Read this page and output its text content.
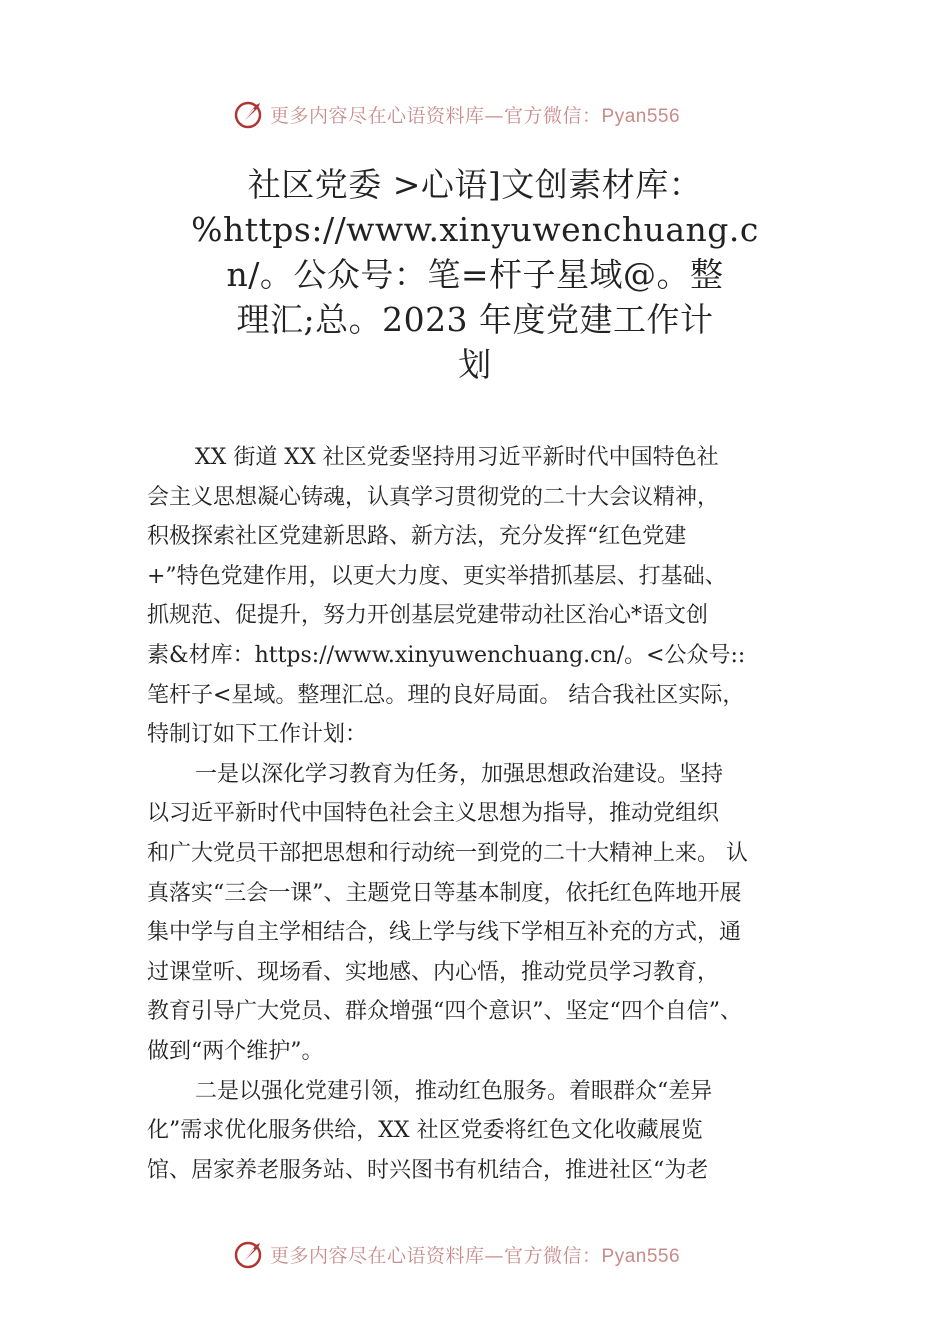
更多内容尽在心语资料库—官方微信：Pyan556
社区党委 >心语]文创素材库：
%https://www.xinyuwenchuang.c
n/。公众号：笔=杆子星域@。整
理汇;总。2023 年度党建工作计
划
XX 街道 XX 社区党委坚持用习近平新时代中国特色社
会主义思想凝心铸魂，认真学习贯彻党的二十大会议精神，
积极探索社区党建新思路、新方法，充分发挥“红色党建
+”特色党建作用，以更大力度、更实举措抓基层、打基础、
抓规范、促提升，努力开创基层党建带动社区治心*语文创
素&材库：https://www.xinyuwenchuang.cn/。<公众号::
笔杆子<星域。整理汇总。理的良好局面。 结合我社区实际，
特制订如下工作计划：
一是以深化学习教育为任务，加强思想政治建设。坚持
以习近平新时代中国特色社会主义思想为指导，推动党组织
和广大党员干部把思想和行动统一到党的二十大精神上来。 认
真落实“三会一课”、主题党日等基本制度，依托红色阵地开展
集中学与自主学相结合，线上学与线下学相互补充的方式，通
过课堂听、现场看、实地感、内心悟，推动党员学习教育，
教育引导广大党员、群众增强“四个意识”、坚定“四个自信”、
做到“两个维护”。
二是以强化党建引领，推动红色服务。着眼群众“差异
化”需求优化服务供给，XX 社区党委将红色文化收藏展览
馆、居家养老服务站、时兴图书有机结合，推进社区“为老
更多内容尽在心语资料库—官方微信：Pyan556
